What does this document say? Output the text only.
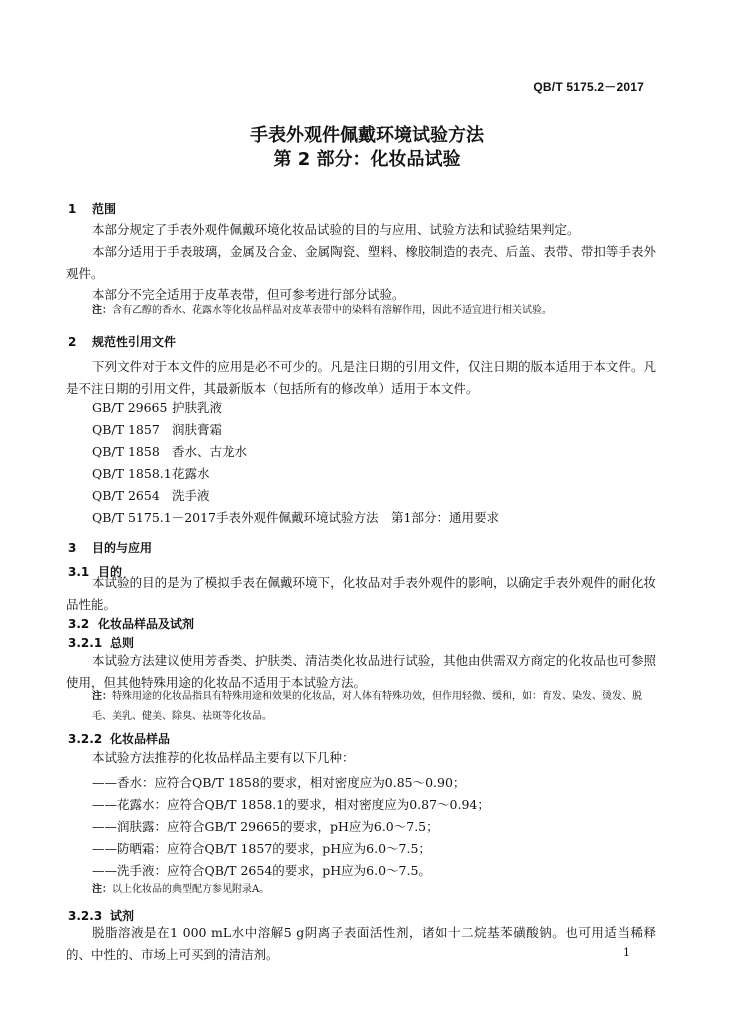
QB/T 5175.2－2017
手表外观件佩戴环境试验方法
第 2 部分：化妆品试验
1 范围
本部分规定了手表外观件佩戴环境化妆品试验的目的与应用、试验方法和试验结果判定。
本部分适用于手表玻璃，金属及合金、金属陶瓷、塑料、橡胶制造的表壳、后盖、表带、带扣等手表外观件。
本部分不完全适用于皮革表带，但可参考进行部分试验。
注：含有乙醇的香水、花露水等化妆品样品对皮革表带中的染料有溶解作用，因此不适宜进行相关试验。
2 规范性引用文件
下列文件对于本文件的应用是必不可少的。凡是注日期的引用文件，仅注日期的版本适用于本文件。凡是不注日期的引用文件，其最新版本（包括所有的修改单）适用于本文件。
GB/T 29665 护肤乳液
QB/T 1857 润肤膏霜
QB/T 1858 香水、古龙水
QB/T 1858.1花露水
QB/T 2654 洗手液
QB/T 5175.1－2017手表外观件佩戴环境试验方法　第1部分：通用要求
3 目的与应用
3.1 目的
本试验的目的是为了模拟手表在佩戴环境下，化妆品对手表外观件的影响，以确定手表外观件的耐化妆品性能。
3.2 化妆品样品及试剂
3.2.1 总则
本试验方法建议使用芳香类、护肤类、清洁类化妆品进行试验，其他由供需双方商定的化妆品也可参照使用，但其他特殊用途的化妆品不适用于本试验方法。
注：特殊用途的化妆品指具有特殊用途和效果的化妆品，对人体有特殊功效，但作用轻微、缓和，如：育发、染发、烫发、脱毛、美乳、健美、除臭、祛斑等化妆品。
3.2.2 化妆品样品
本试验方法推荐的化妆品样品主要有以下几种：
——香水：应符合QB/T 1858的要求，相对密度应为0.85～0.90；
——花露水：应符合QB/T 1858.1的要求，相对密度应为0.87～0.94；
——润肤露：应符合GB/T 29665的要求，pH应为6.0～7.5；
——防晒霜：应符合QB/T 1857的要求，pH应为6.0～7.5；
——洗手液：应符合QB/T 2654的要求，pH应为6.0～7.5。
注：以上化妆品的典型配方参见附录A。
3.2.3 试剂
脱脂溶液是在1 000 mL水中溶解5 g阴离子表面活性剂，诸如十二烷基苯磺酸钠。也可用适当稀释的、中性的、市场上可买到的清洁剂。	1
